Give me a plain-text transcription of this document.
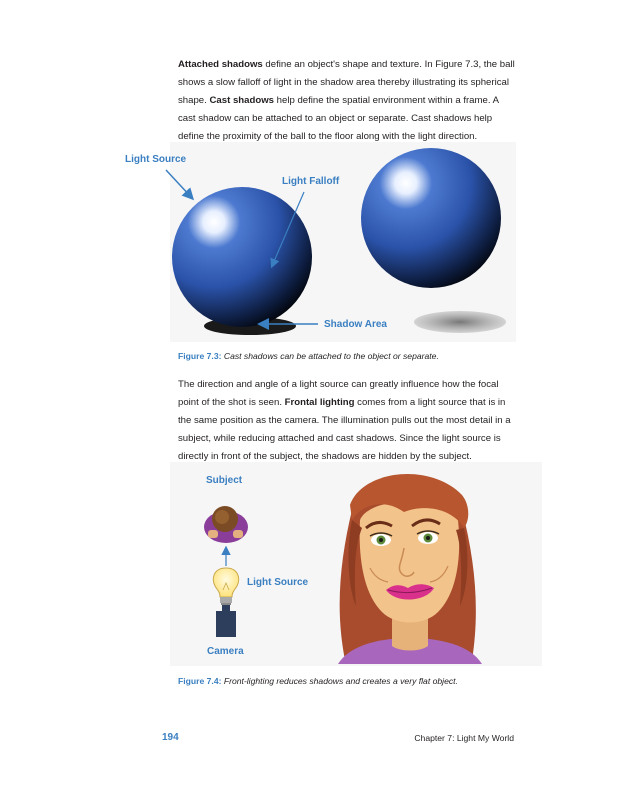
Attached shadows define an object's shape and texture. In Figure 7.3, the ball shows a slow falloff of light in the shadow area thereby illustrating its spherical shape. Cast shadows help define the spatial environment within a frame. A cast shadow can be attached to an object or separate. Cast shadows help define the proximity of the ball to the floor along with the light direction.

Light Source
Light Falloff
Shadow Area
Figure 7.3: Cast shadows can be attached to the object or separate.

The direction and angle of a light source can greatly influence how the focal point of the shot is seen. Frontal lighting comes from a light source that is in the same position as the camera. The illumination pulls out the most detail in a subject, while reducing attached and cast shadows. Since the light source is directly in front of the subject, the shadows are hidden by the subject.

Subject
Light Source
Camera
Figure 7.4: Front-lighting reduces shadows and creates a very flat object.
194	Chapter 7: Light My World
